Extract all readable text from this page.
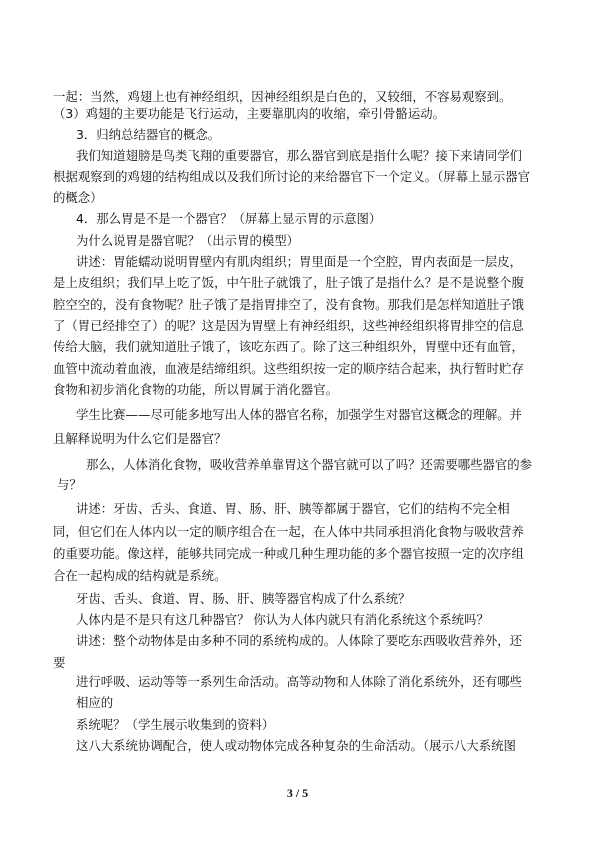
一起：当然，鸡翅上也有神经组织，因神经组织是白色的，又较细，不容易观察到。
（3）鸡翅的主要功能是飞行运动，主要靠肌肉的收缩，牵引骨骼运动。
3．归纳总结器官的概念。
我们知道翅膀是鸟类飞翔的重要器官，那么器官到底是指什么呢？接下来请同学们
根据观察到的鸡翅的结构组成以及我们所讨论的来给器官下一个定义。（屏幕上显示器官
的概念）
4．那么胃是不是一个器官？（屏幕上显示胃的示意图）
为什么说胃是器官呢？（出示胃的模型）
讲述：胃能蠕动说明胃壁内有肌肉组织；胃里面是一个空腔，胃内表面是一层皮，
是上皮组织；我们早上吃了饭，中午肚子就饿了，肚子饿了是指什么？是不是说整个腹
腔空空的，没有食物呢？肚子饿了是指胃排空了，没有食物。那我们是怎样知道肚子饿
了（胃已经排空了）的呢？这是因为胃壁上有神经组织，这些神经组织将胃排空的信息
传给大脑，我们就知道肚子饿了，该吃东西了。除了这三种组织外，胃壁中还有血管，
血管中流动着血液，血液是结缔组织。这些组织按一定的顺序结合起来，执行暂时贮存
食物和初步消化食物的功能，所以胃属于消化器官。
学生比赛——尽可能多地写出人体的器官名称，加强学生对器官这概念的理解。并
且解释说明为什么它们是器官？
那么，人体消化食物，吸收营养单靠胃这个器官就可以了吗？还需要哪些器官的参
与？
讲述：牙齿、舌头、食道、胃、肠、肝、胰等都属于器官，它们的结构不完全相
同，但它们在人体内以一定的顺序组合在一起，在人体中共同承担消化食物与吸收营养
的重要功能。像这样，能够共同完成一种或几种生理功能的多个器官按照一定的次序组
合在一起构成的结构就是系统。
牙齿、舌头、食道、胃、肠、肝、胰等器官构成了什么系统？
人体内是不是只有这几种器官？ 你认为人体内就只有消化系统这个系统吗？
讲述：整个动物体是由多种不同的系统构成的。人体除了要吃东西吸收营养外，还
要
进行呼吸、运动等等一系列生命活动。高等动物和人体除了消化系统外，还有哪些
相应的
系统呢？（学生展示收集到的资料）
这八大系统协调配合，使人或动物体完成各种复杂的生命活动。（展示八大系统图
3 / 5
